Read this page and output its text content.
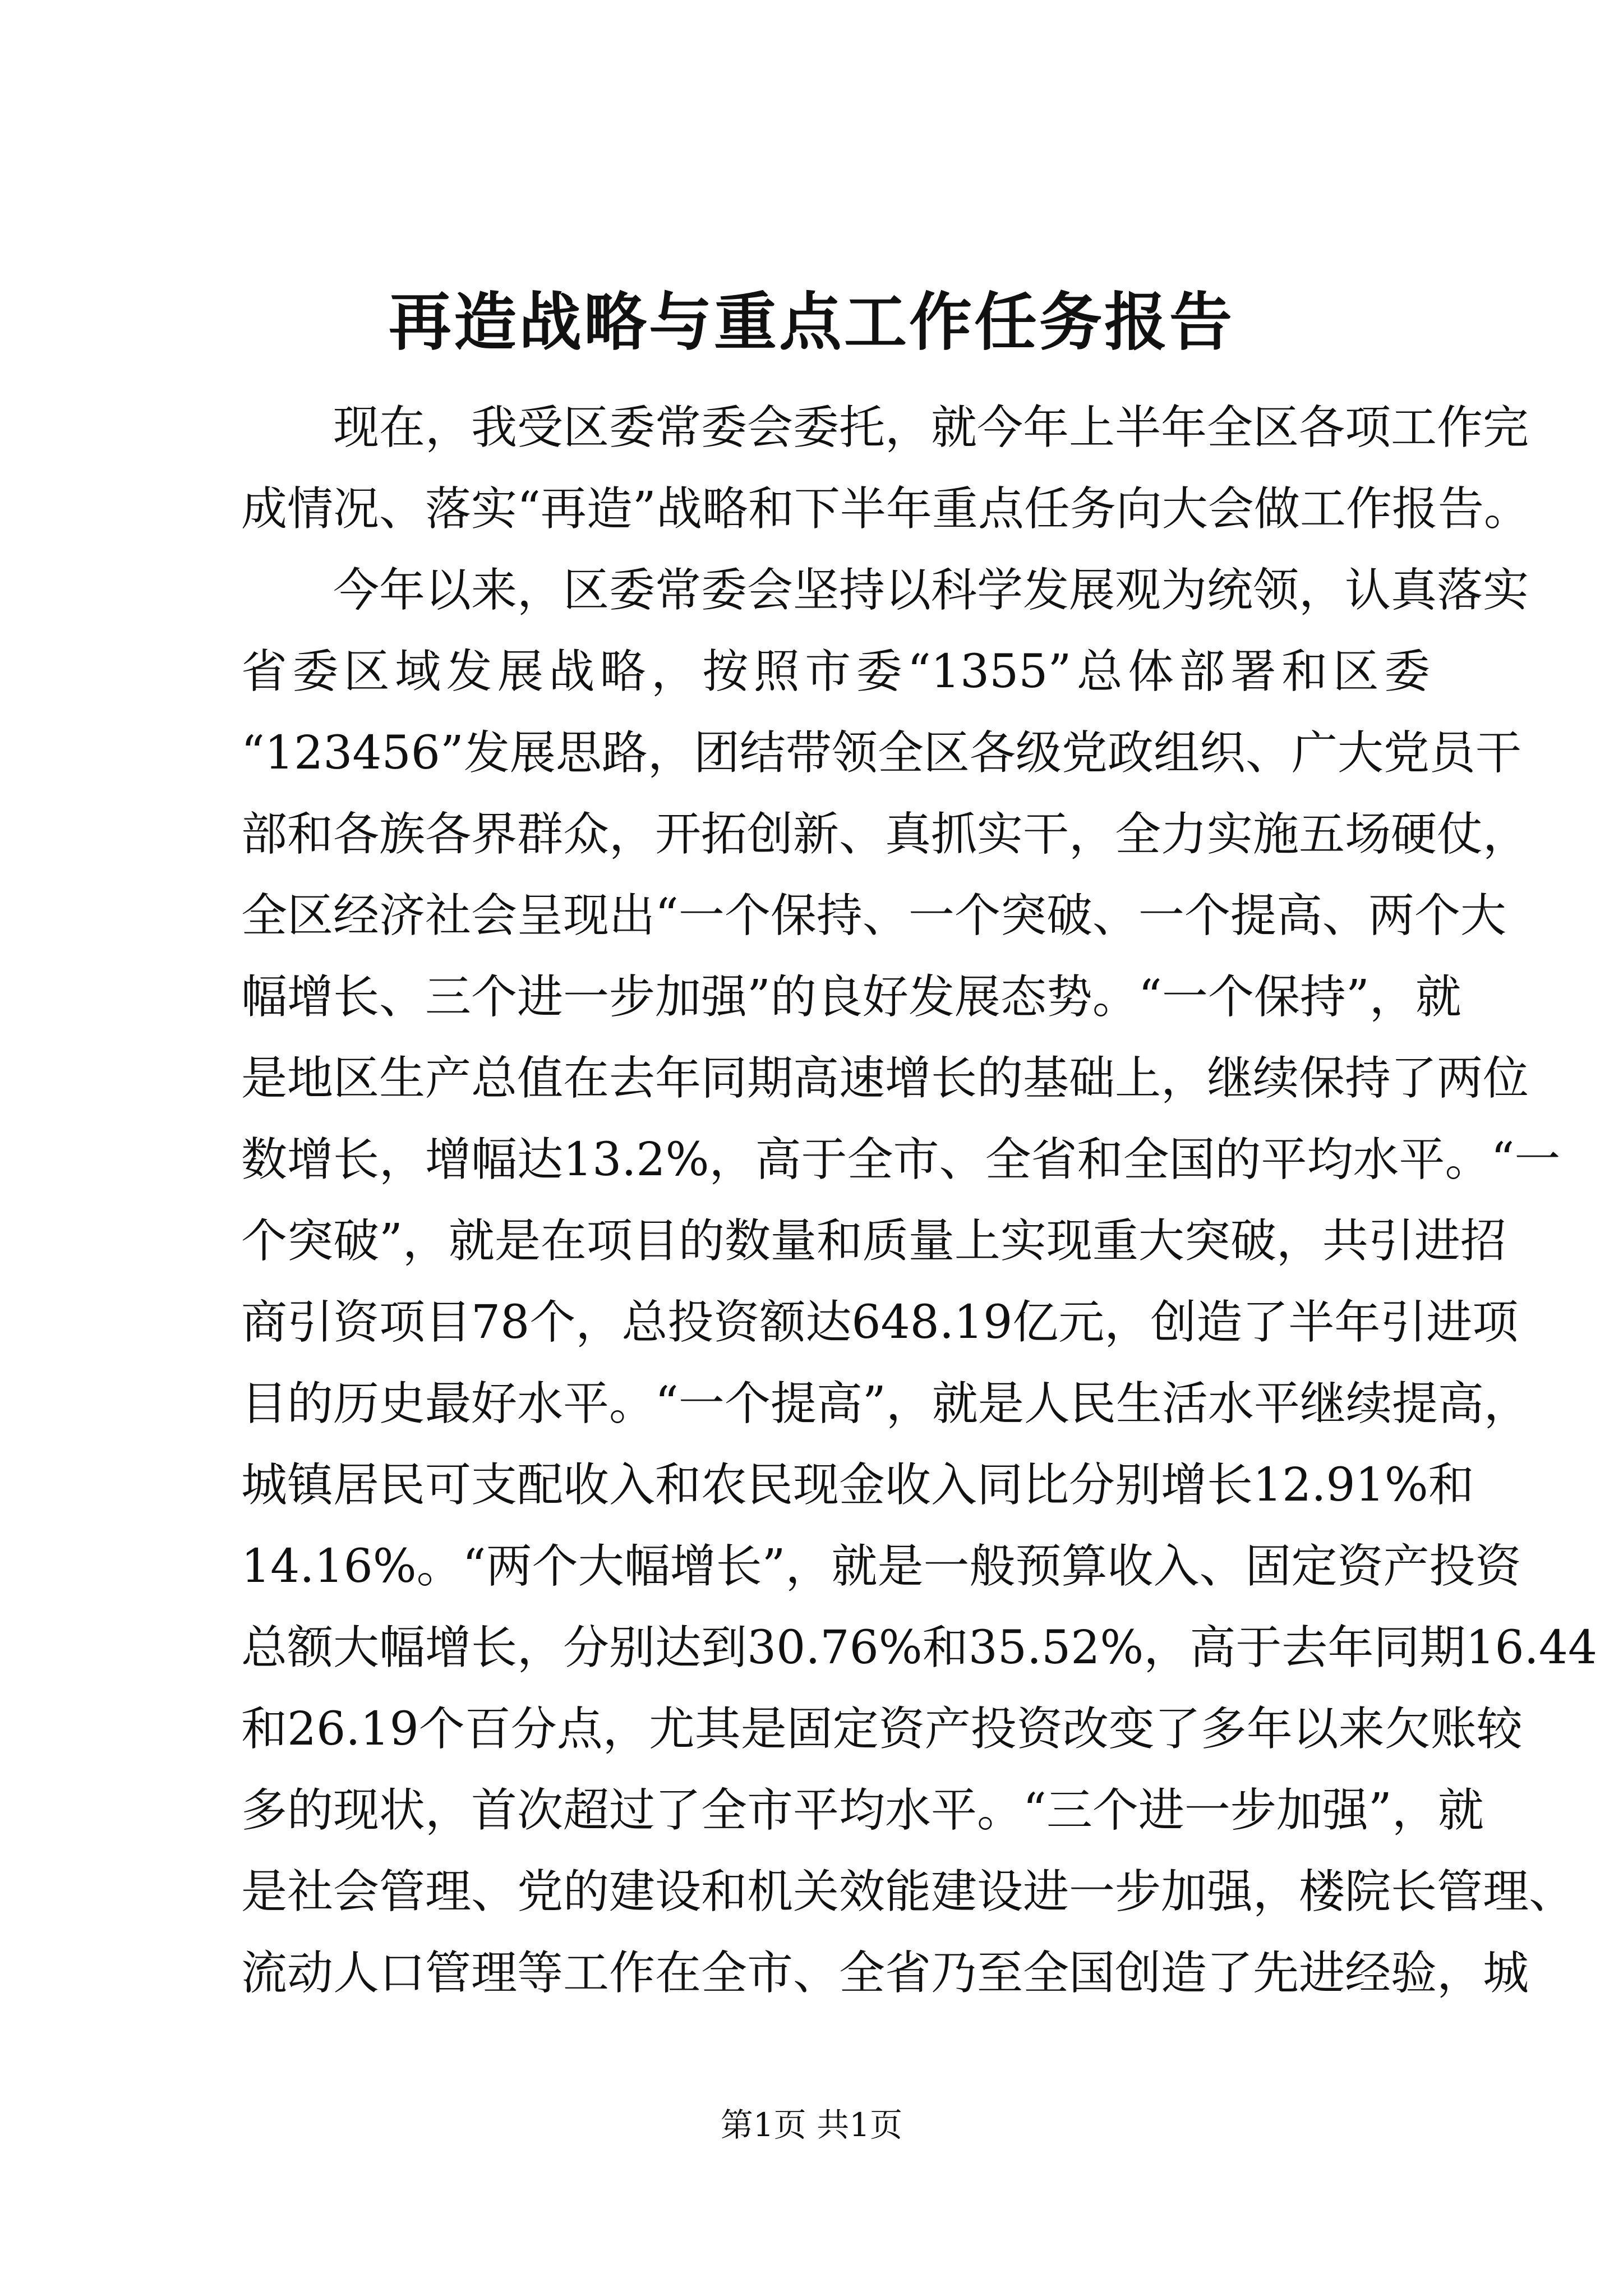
再造战略与重点工作任务报告
现在，我受区委常委会委托，就今年上半年全区各项工作完
成情况、落实“再造”战略和下半年重点任务向大会做工作报告。
今年以来，区委常委会坚持以科学发展观为统领，认真落实
省委区域发展战略，按照市委“1355”总体部署和区委
“123456”发展思路，团结带领全区各级党政组织、广大党员干
部和各族各界群众，开拓创新、真抓实干，全力实施五场硬仗，
全区经济社会呈现出“一个保持、一个突破、一个提高、两个大
幅增长、三个进一步加强”的良好发展态势。“一个保持”，就
是地区生产总值在去年同期高速增长的基础上，继续保持了两位
数增长，增幅达13.2%，高于全市、全省和全国的平均水平。“一
个突破”，就是在项目的数量和质量上实现重大突破，共引进招
商引资项目78个，总投资额达648.19亿元，创造了半年引进项
目的历史最好水平。“一个提高”，就是人民生活水平继续提高，
城镇居民可支配收入和农民现金收入同比分别增长12.91%和
14.16%。“两个大幅增长”，就是一般预算收入、固定资产投资
总额大幅增长，分别达到30.76%和35.52%，高于去年同期16.44
和26.19个百分点，尤其是固定资产投资改变了多年以来欠账较
多的现状，首次超过了全市平均水平。“三个进一步加强”，就
是社会管理、党的建设和机关效能建设进一步加强，楼院长管理、
流动人口管理等工作在全市、全省乃至全国创造了先进经验，城
第1页 共1页
